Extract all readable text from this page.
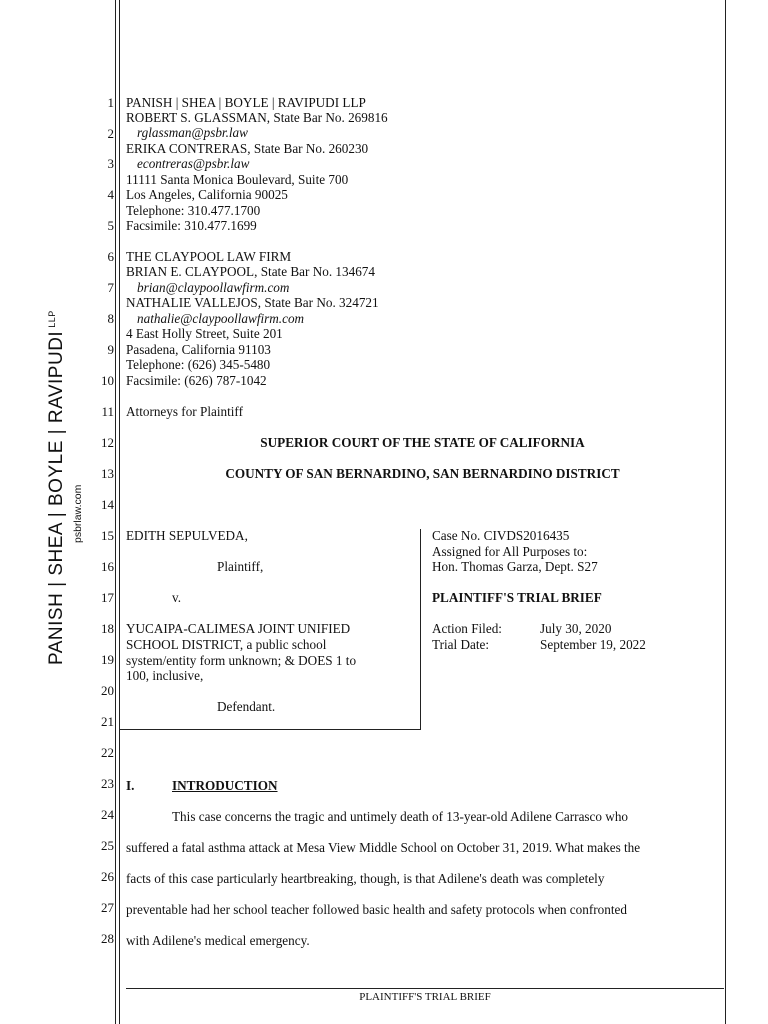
PANISH | SHEA | BOYLE | $RAVIPUDI^{LLP}$
psbrlaw.com
1
2
3
4
5
6
7
8
9
10
11
12
13
14
15
16
17
18
19
20
21
22
23
24
25
26
27
28
PANISH | SHEA | BOYLE | RAVIPUDI LLP
ROBERT S. GLASSMAN, State Bar No. 269816
rglassman@psbr.law
ERIKA CONTRERAS, State Bar No. 260230
econtreras@psbr.law
11111 Santa Monica Boulevard, Suite 700
Los Angeles, California 90025
Telephone: 310.477.1700
Facsimile: 310.477.1699
THE CLAYPOOL LAW FIRM
BRIAN E. CLAYPOOL, State Bar No. 134674
brian@claypoollawfirm.com
NATHALIE VALLEJOS, State Bar No. 324721
nathalie@claypoollawfirm.com
4 East Holly Street, Suite 201
Pasadena, California 91103
Telephone: (626) 345-5480
Facsimile: (626) 787-1042
Attorneys for Plaintiff
SUPERIOR COURT OF THE STATE OF CALIFORNIA
COUNTY OF SAN BERNARDINO, SAN BERNARDINO DISTRICT
EDITH SEPULVEDA,
Plaintiff,
v.
YUCAIPA-CALIMESA JOINT UNIFIED
SCHOOL DISTRICT, a public school
system/entity form unknown; & DOES 1 to
100, inclusive,
Defendant.
Case No. CIVDS2016435
Assigned for All Purposes to:
Hon. Thomas Garza, Dept. S27
PLAINTIFF'S TRIAL BRIEF
Action Filed:	July 30, 2020
Trial Date:	September 19, 2022
I.	INTRODUCTION
This case concerns the tragic and untimely death of 13-year-old Adilene Carrasco who
suffered a fatal asthma attack at Mesa View Middle School on October 31, 2019. What makes the
facts of this case particularly heartbreaking, though, is that Adilene's death was completely
preventable had her school teacher followed basic health and safety protocols when confronted
with Adilene's medical emergency.
PLAINTIFF'S TRIAL BRIEF
